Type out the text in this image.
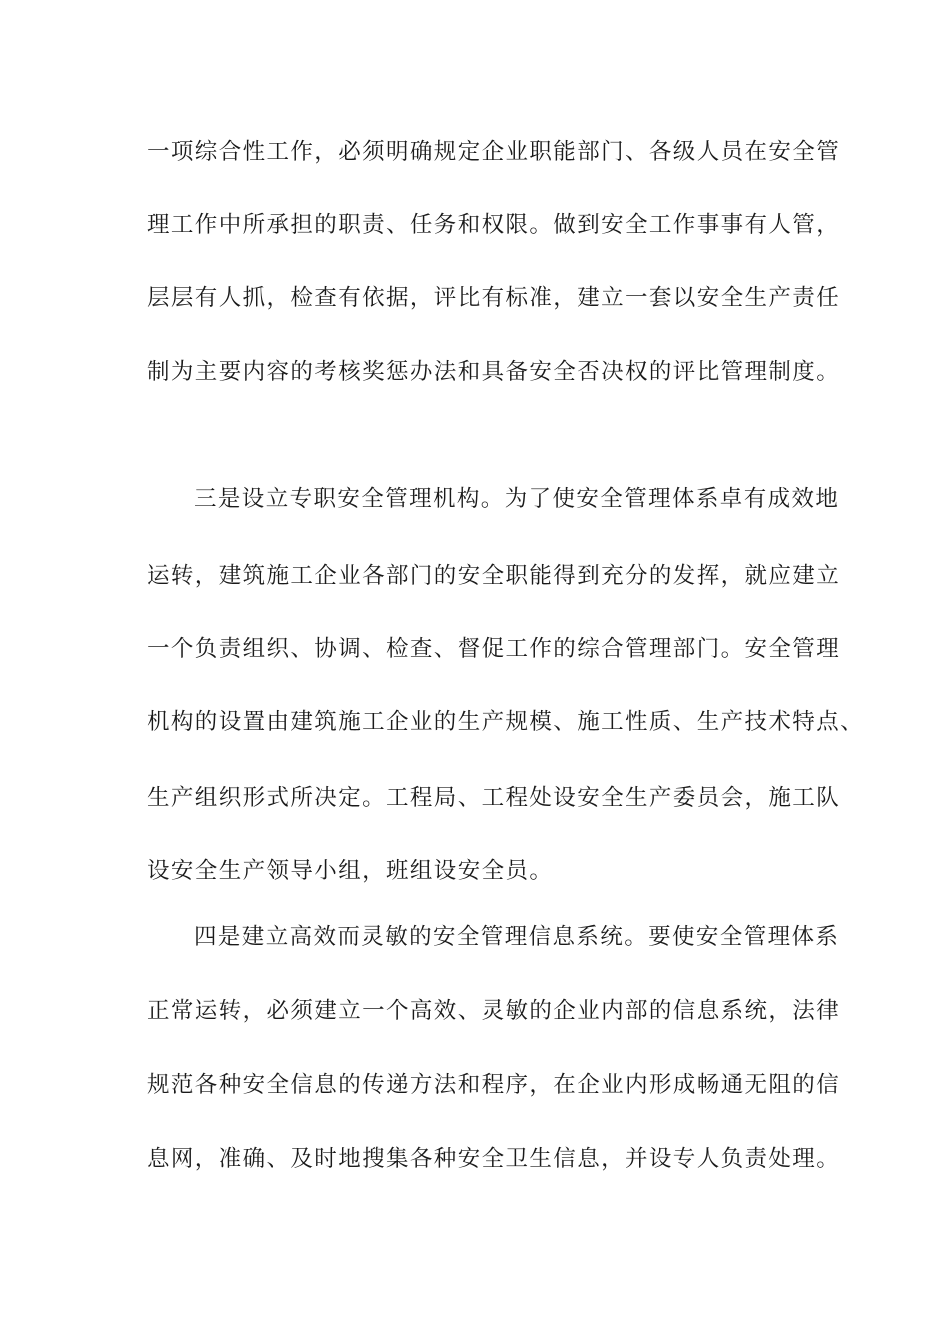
一项综合性工作，必须明确规定企业职能部门、各级人员在安全管
理工作中所承担的职责、任务和权限。做到安全工作事事有人管，
层层有人抓，检查有依据，评比有标准，建立一套以安全生产责任
制为主要内容的考核奖惩办法和具备安全否决权的评比管理制度。
三是设立专职安全管理机构。为了使安全管理体系卓有成效地
运转，建筑施工企业各部门的安全职能得到充分的发挥，就应建立
一个负责组织、协调、检查、督促工作的综合管理部门。安全管理
机构的设置由建筑施工企业的生产规模、施工性质、生产技术特点、
生产组织形式所决定。工程局、工程处设安全生产委员会，施工队
设安全生产领导小组，班组设安全员。
四是建立高效而灵敏的安全管理信息系统。要使安全管理体系
正常运转，必须建立一个高效、灵敏的企业内部的信息系统，法律
规范各种安全信息的传递方法和程序，在企业内形成畅通无阻的信
息网，准确、及时地搜集各种安全卫生信息，并设专人负责处理。
